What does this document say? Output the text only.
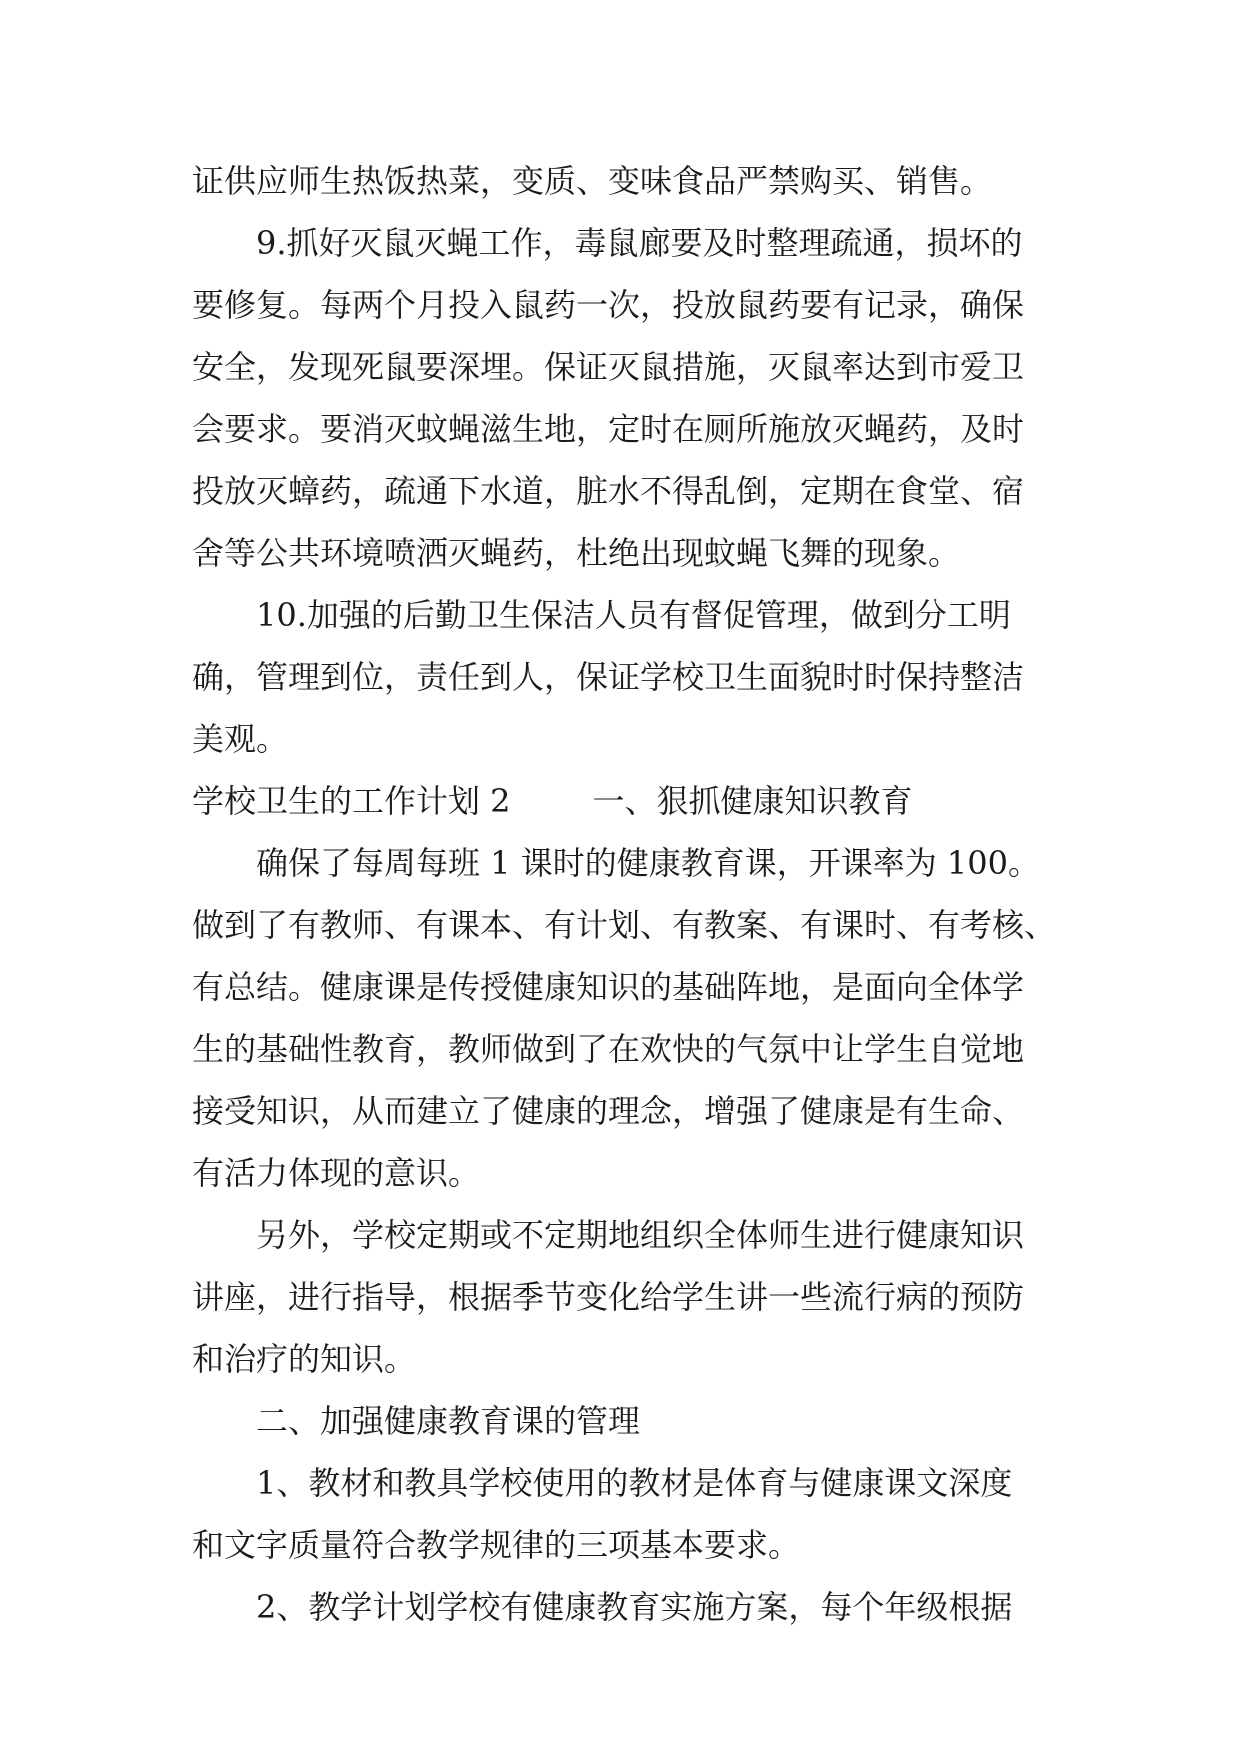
证供应师生热饭热菜，变质、变味食品严禁购买、销售。
9.抓好灭鼠灭蝇工作，毒鼠廊要及时整理疏通，损坏的
要修复。每两个月投入鼠药一次，投放鼠药要有记录，确保
安全，发现死鼠要深埋。保证灭鼠措施，灭鼠率达到市爱卫
会要求。要消灭蚊蝇滋生地，定时在厕所施放灭蝇药，及时
投放灭蟑药，疏通下水道，脏水不得乱倒，定期在食堂、宿
舍等公共环境喷洒灭蝇药，杜绝出现蚊蝇飞舞的现象。
10.加强的后勤卫生保洁人员有督促管理，做到分工明
确，管理到位，责任到人，保证学校卫生面貌时时保持整洁
美观。
学校卫生的工作计划 2	一、狠抓健康知识教育
确保了每周每班 1 课时的健康教育课，开课率为 100。
做到了有教师、有课本、有计划、有教案、有课时、有考核、
有总结。健康课是传授健康知识的基础阵地，是面向全体学
生的基础性教育，教师做到了在欢快的气氛中让学生自觉地
接受知识，从而建立了健康的理念，增强了健康是有生命、
有活力体现的意识。
另外，学校定期或不定期地组织全体师生进行健康知识
讲座，进行指导，根据季节变化给学生讲一些流行病的预防
和治疗的知识。
二、加强健康教育课的管理
1、教材和教具学校使用的教材是体育与健康课文深度
和文字质量符合教学规律的三项基本要求。
2、教学计划学校有健康教育实施方案，每个年级根据
